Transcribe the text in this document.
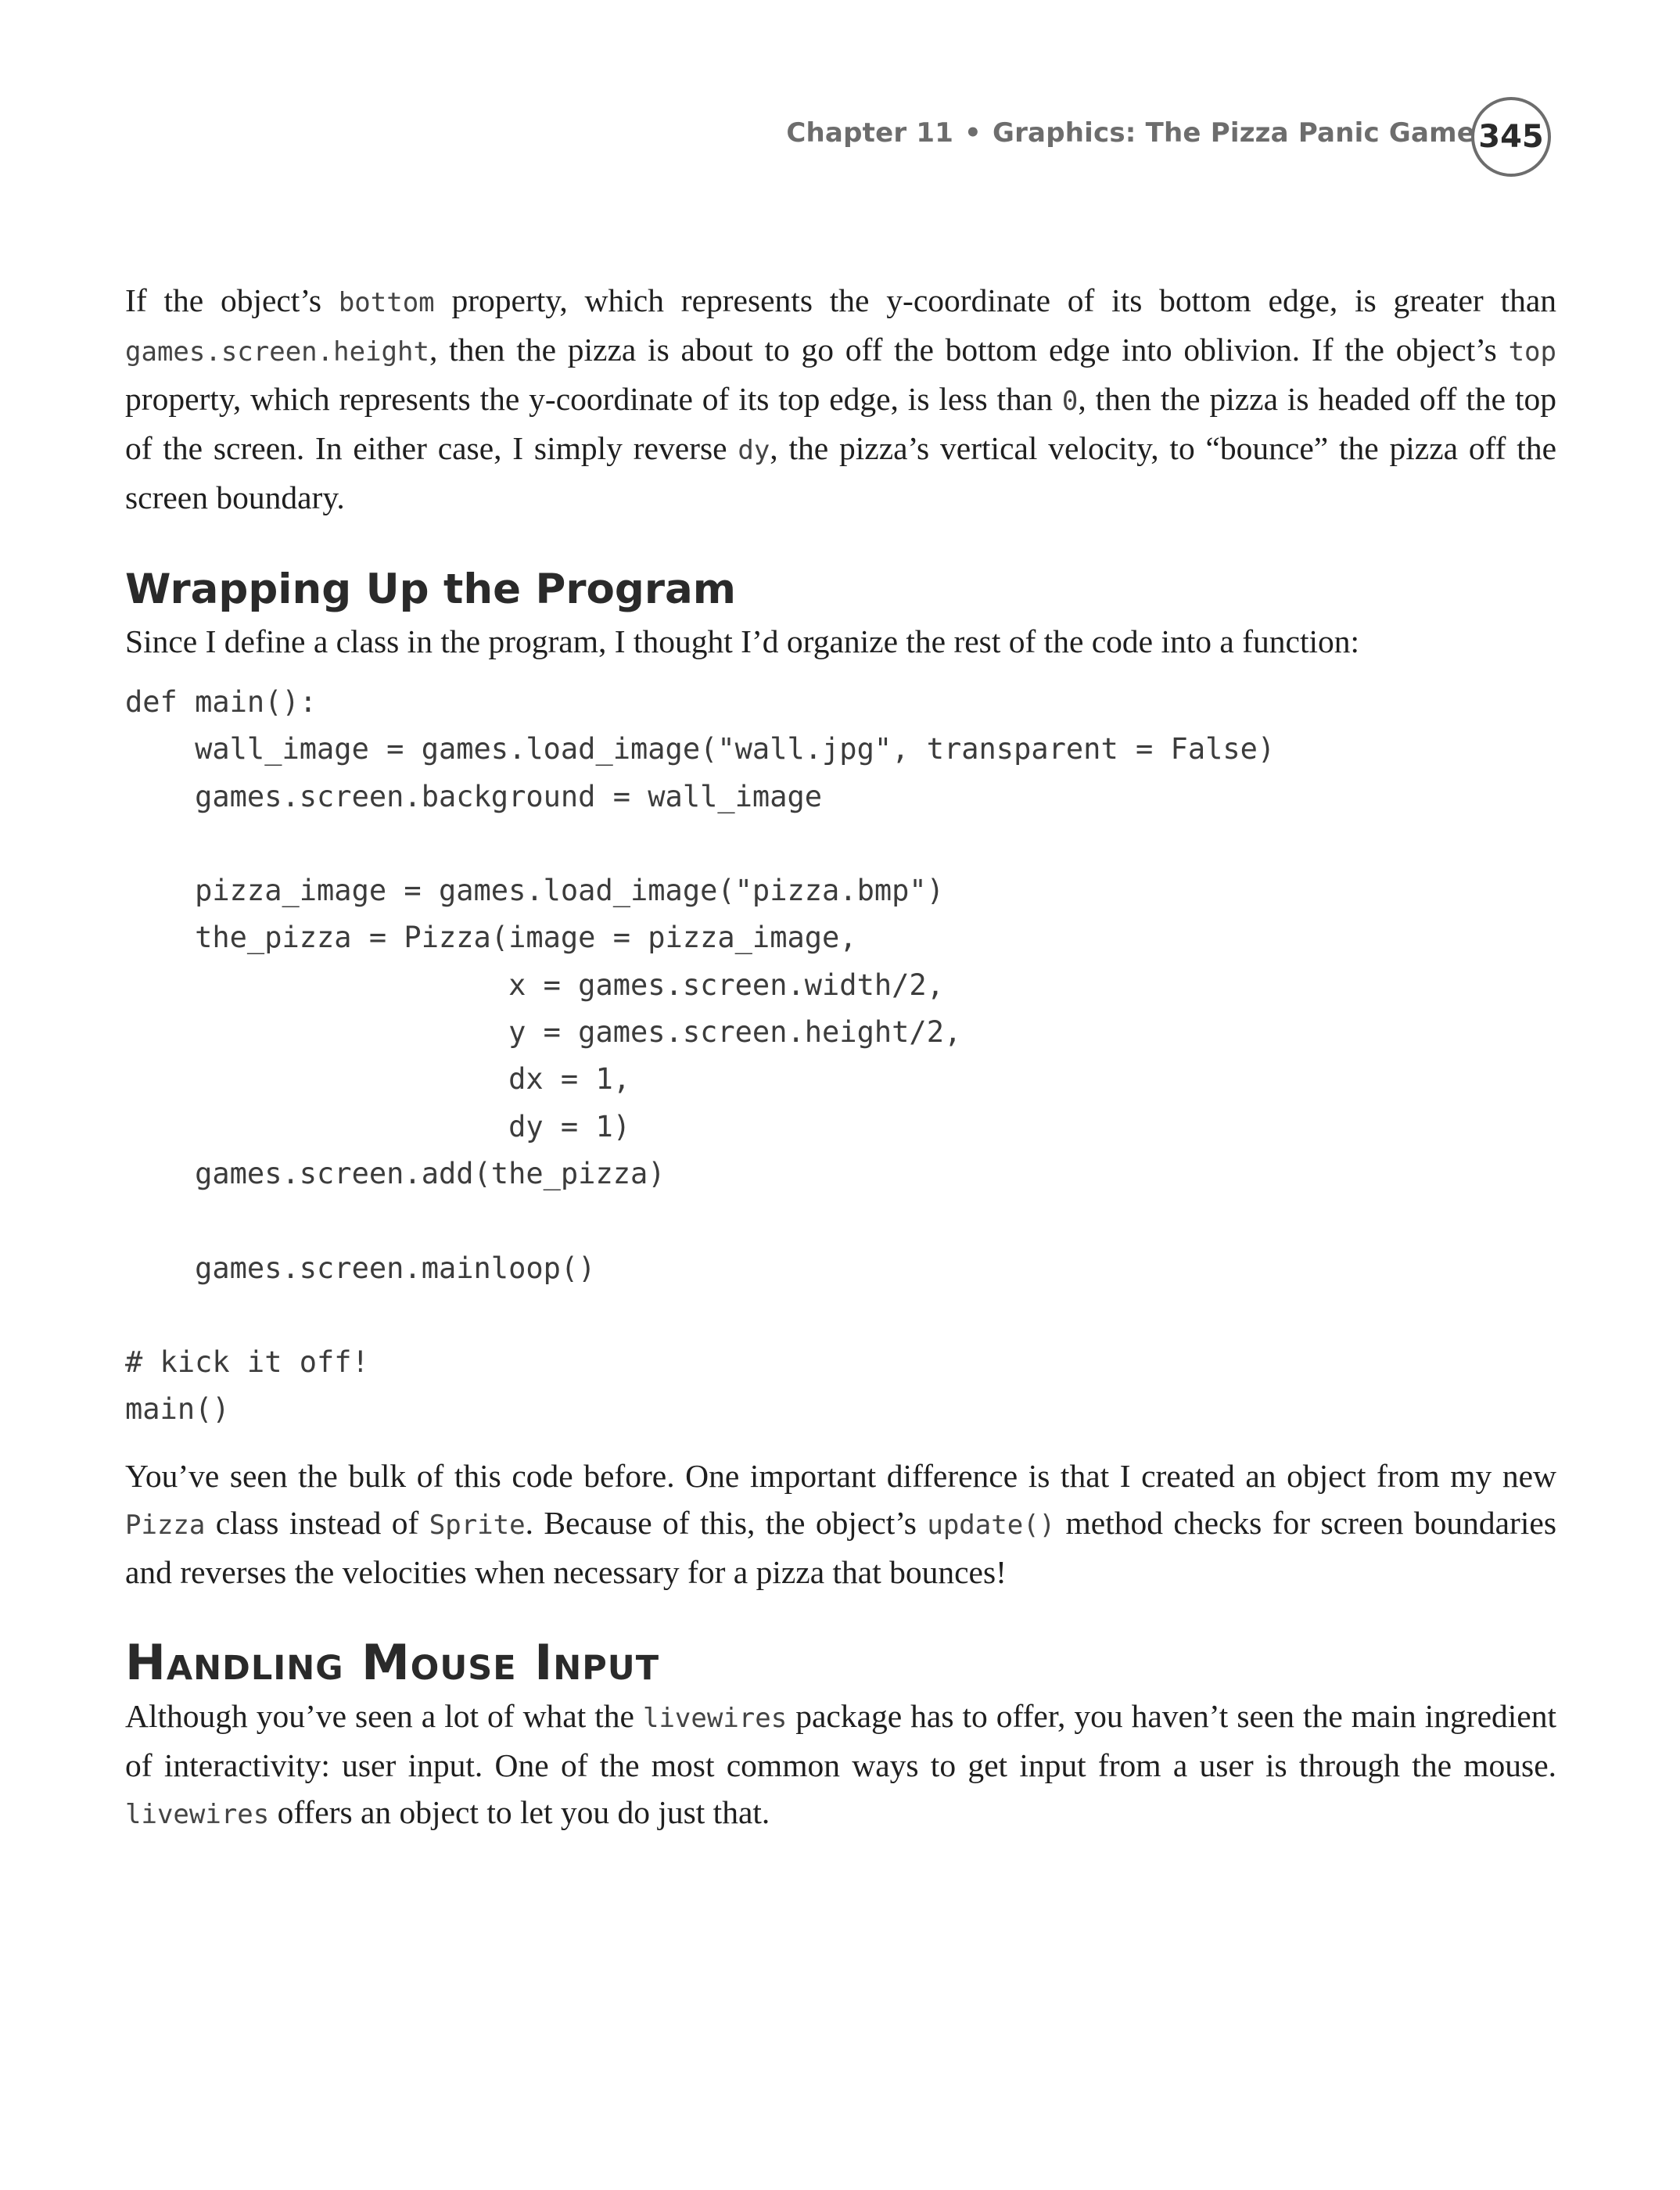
Chapter 11 • Graphics: The Pizza Panic Game 345

If the object’s bottom property, which represents the y-coordinate of its bottom edge, is greater than games.screen.height, then the pizza is about to go off the bottom edge into oblivion. If the object’s top property, which represents the y-coordinate of its top edge, is less than 0, then the pizza is headed off the top of the screen. In either case, I simply reverse dy, the pizza’s vertical velocity, to “bounce” the pizza off the screen boundary.

Wrapping Up the Program

Since I define a class in the program, I thought I’d organize the rest of the code into a function:

def main():
wall_image = games.load_image("wall.jpg", transparent = False)
games.screen.background = wall_image

pizza_image = games.load_image("pizza.bmp")
the_pizza = Pizza(image = pizza_image,
x = games.screen.width/2,
y = games.screen.height/2,
dx = 1,
dy = 1)
games.screen.add(the_pizza)

games.screen.mainloop()

# kick it off!
main()

You’ve seen the bulk of this code before. One important difference is that I created an object from my new Pizza class instead of Sprite. Because of this, the object’s update() method checks for screen boundaries and reverses the velocities when necessary for a pizza that bounces!

Handling Mouse Input

Although you’ve seen a lot of what the livewires package has to offer, you haven’t seen the main ingredient of interactivity: user input. One of the most common ways to get input from a user is through the mouse. livewires offers an object to let you do just that.
